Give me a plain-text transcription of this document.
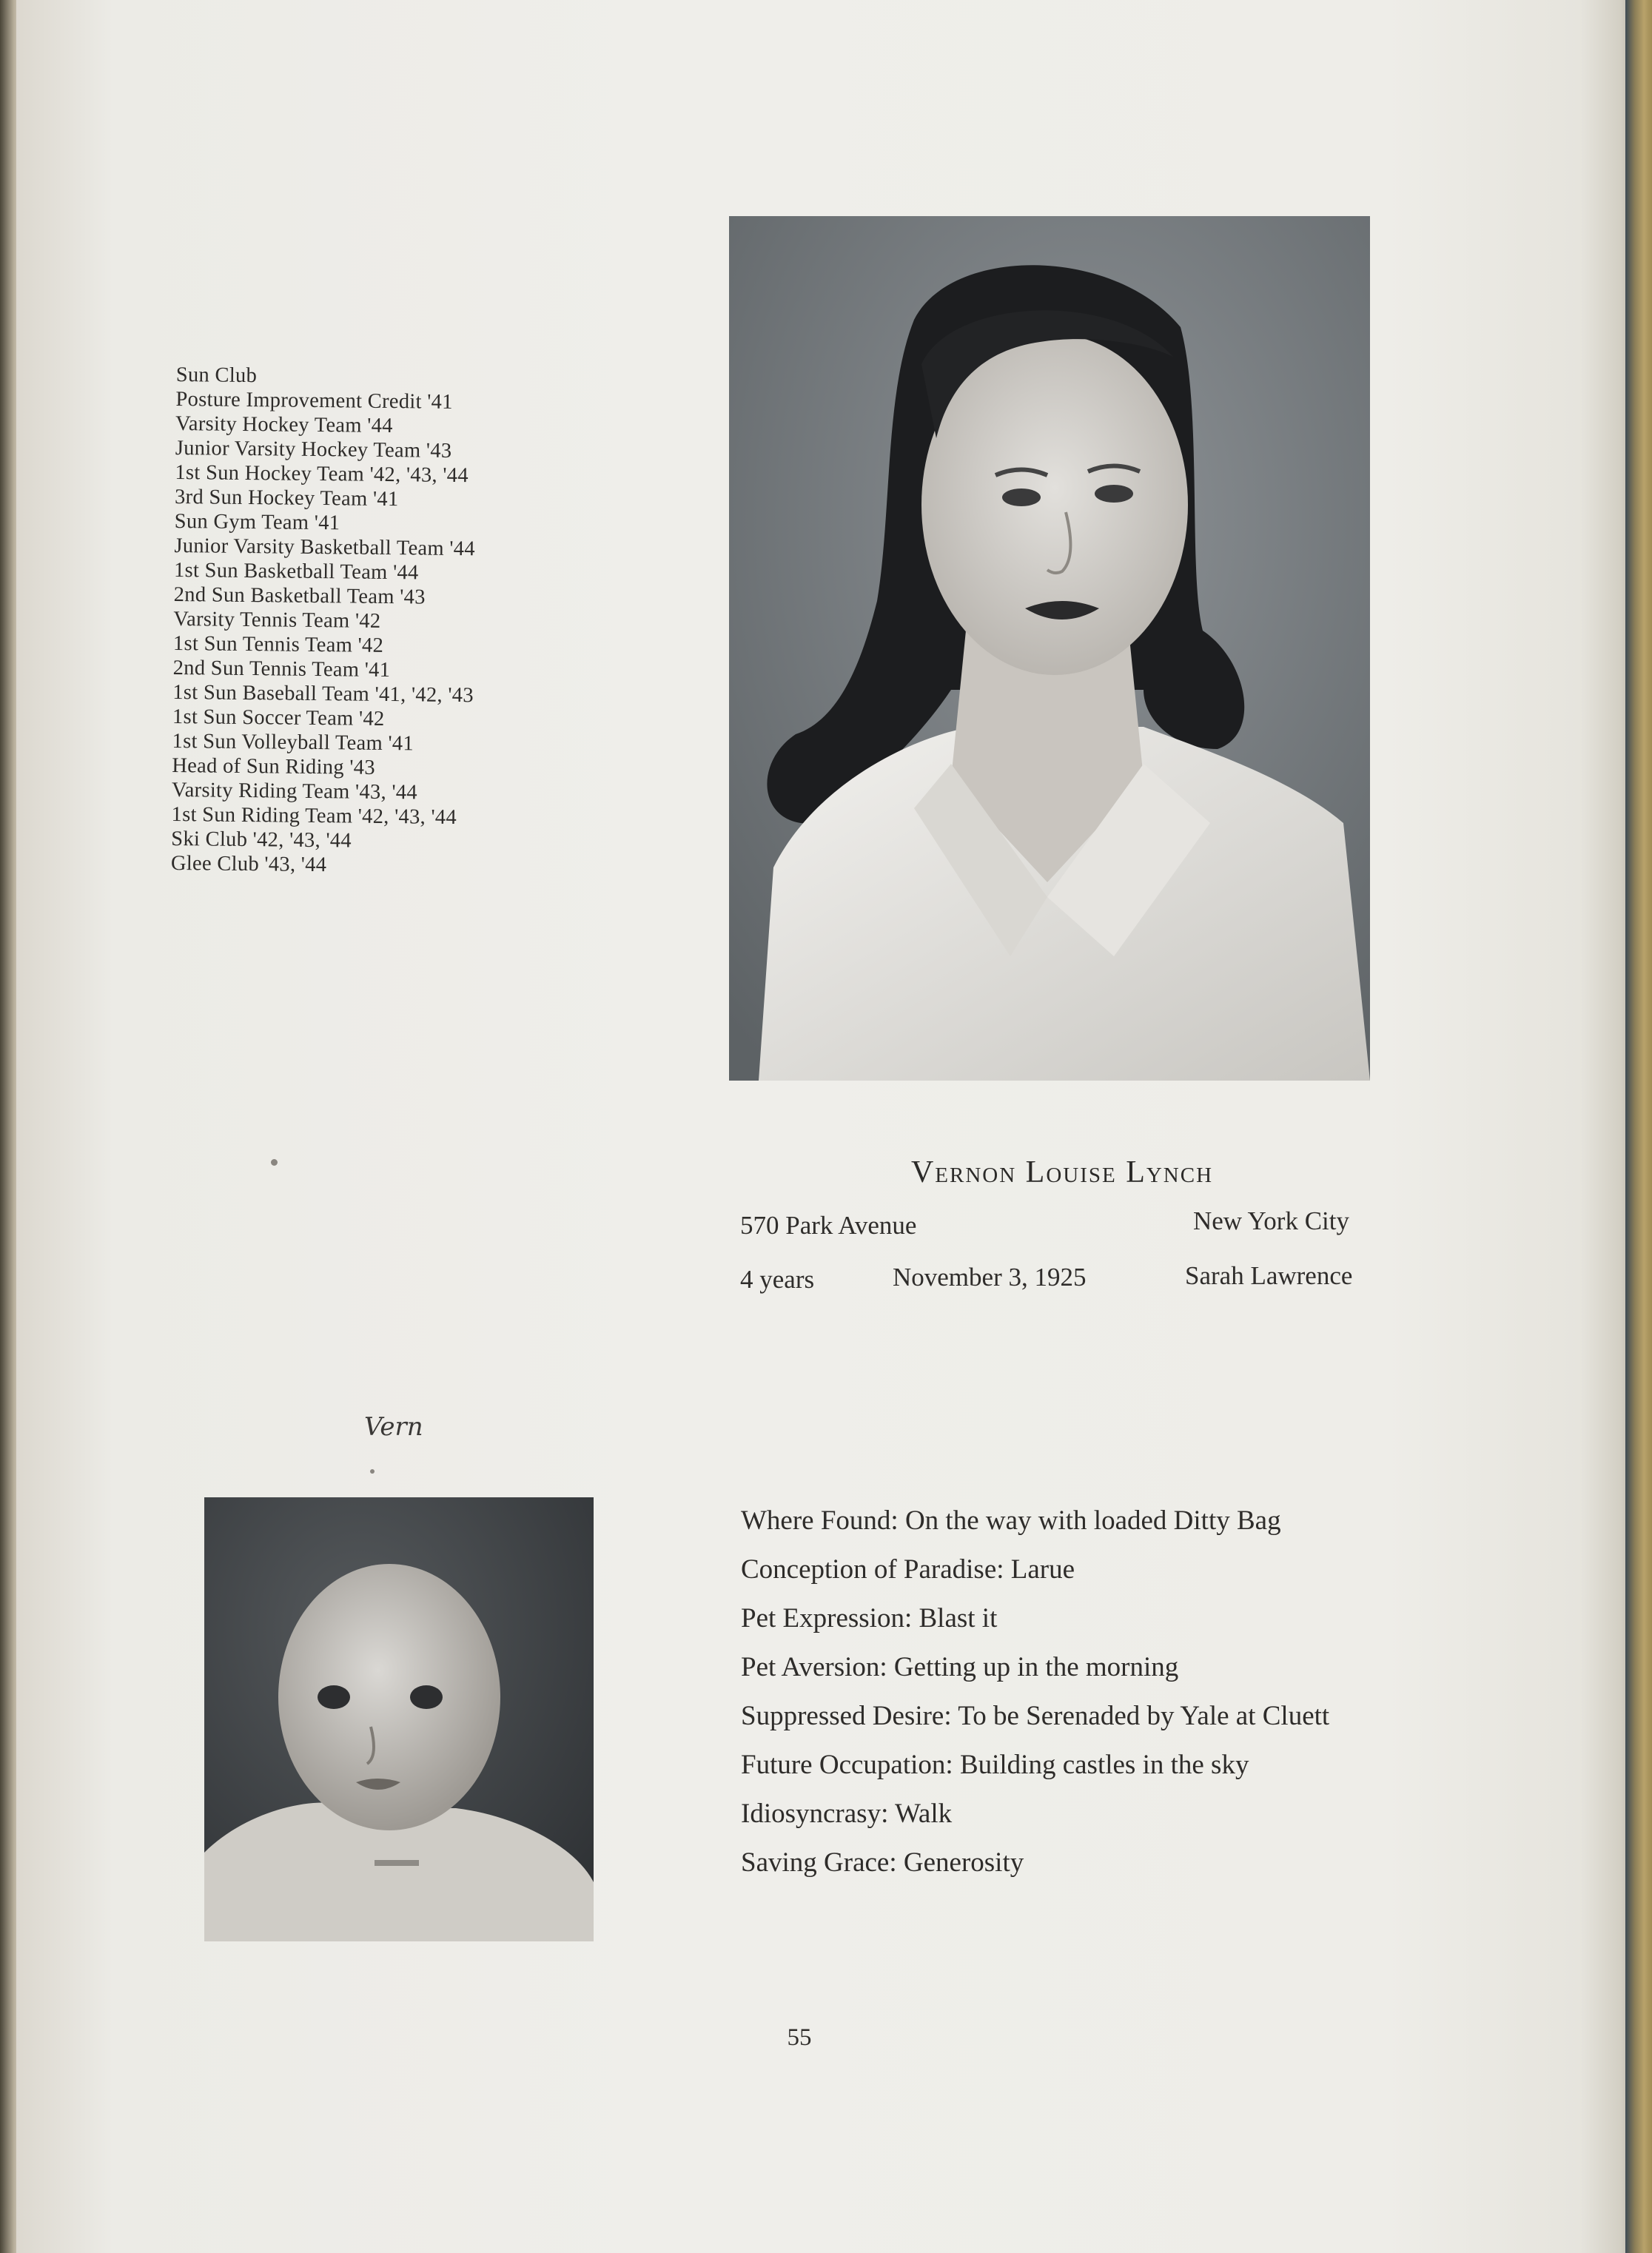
Sun Club
Posture Improvement Credit '41
Varsity Hockey Team '44
Junior Varsity Hockey Team '43
1st Sun Hockey Team '42, '43, '44
3rd Sun Hockey Team '41
Sun Gym Team '41
Junior Varsity Basketball Team '44
1st Sun Basketball Team '44
2nd Sun Basketball Team '43
Varsity Tennis Team '42
1st Sun Tennis Team '42
2nd Sun Tennis Team '41
1st Sun Baseball Team '41, '42, '43
1st Sun Soccer Team '42
1st Sun Volleyball Team '41
Head of Sun Riding '43
Varsity Riding Team '43, '44
1st Sun Riding Team '42, '43, '44
Ski Club '42, '43, '44
Glee Club '43, '44
Vernon Louise Lynch
570 Park Avenue	New York City
4 years	November 3, 1925	Sarah Lawrence
Vern
Where Found: On the way with loaded Ditty Bag
Conception of Paradise: Larue
Pet Expression: Blast it
Pet Aversion: Getting up in the morning
Suppressed Desire: To be Serenaded by Yale at Cluett
Future Occupation: Building castles in the sky
Idiosyncrasy: Walk
Saving Grace: Generosity
55
